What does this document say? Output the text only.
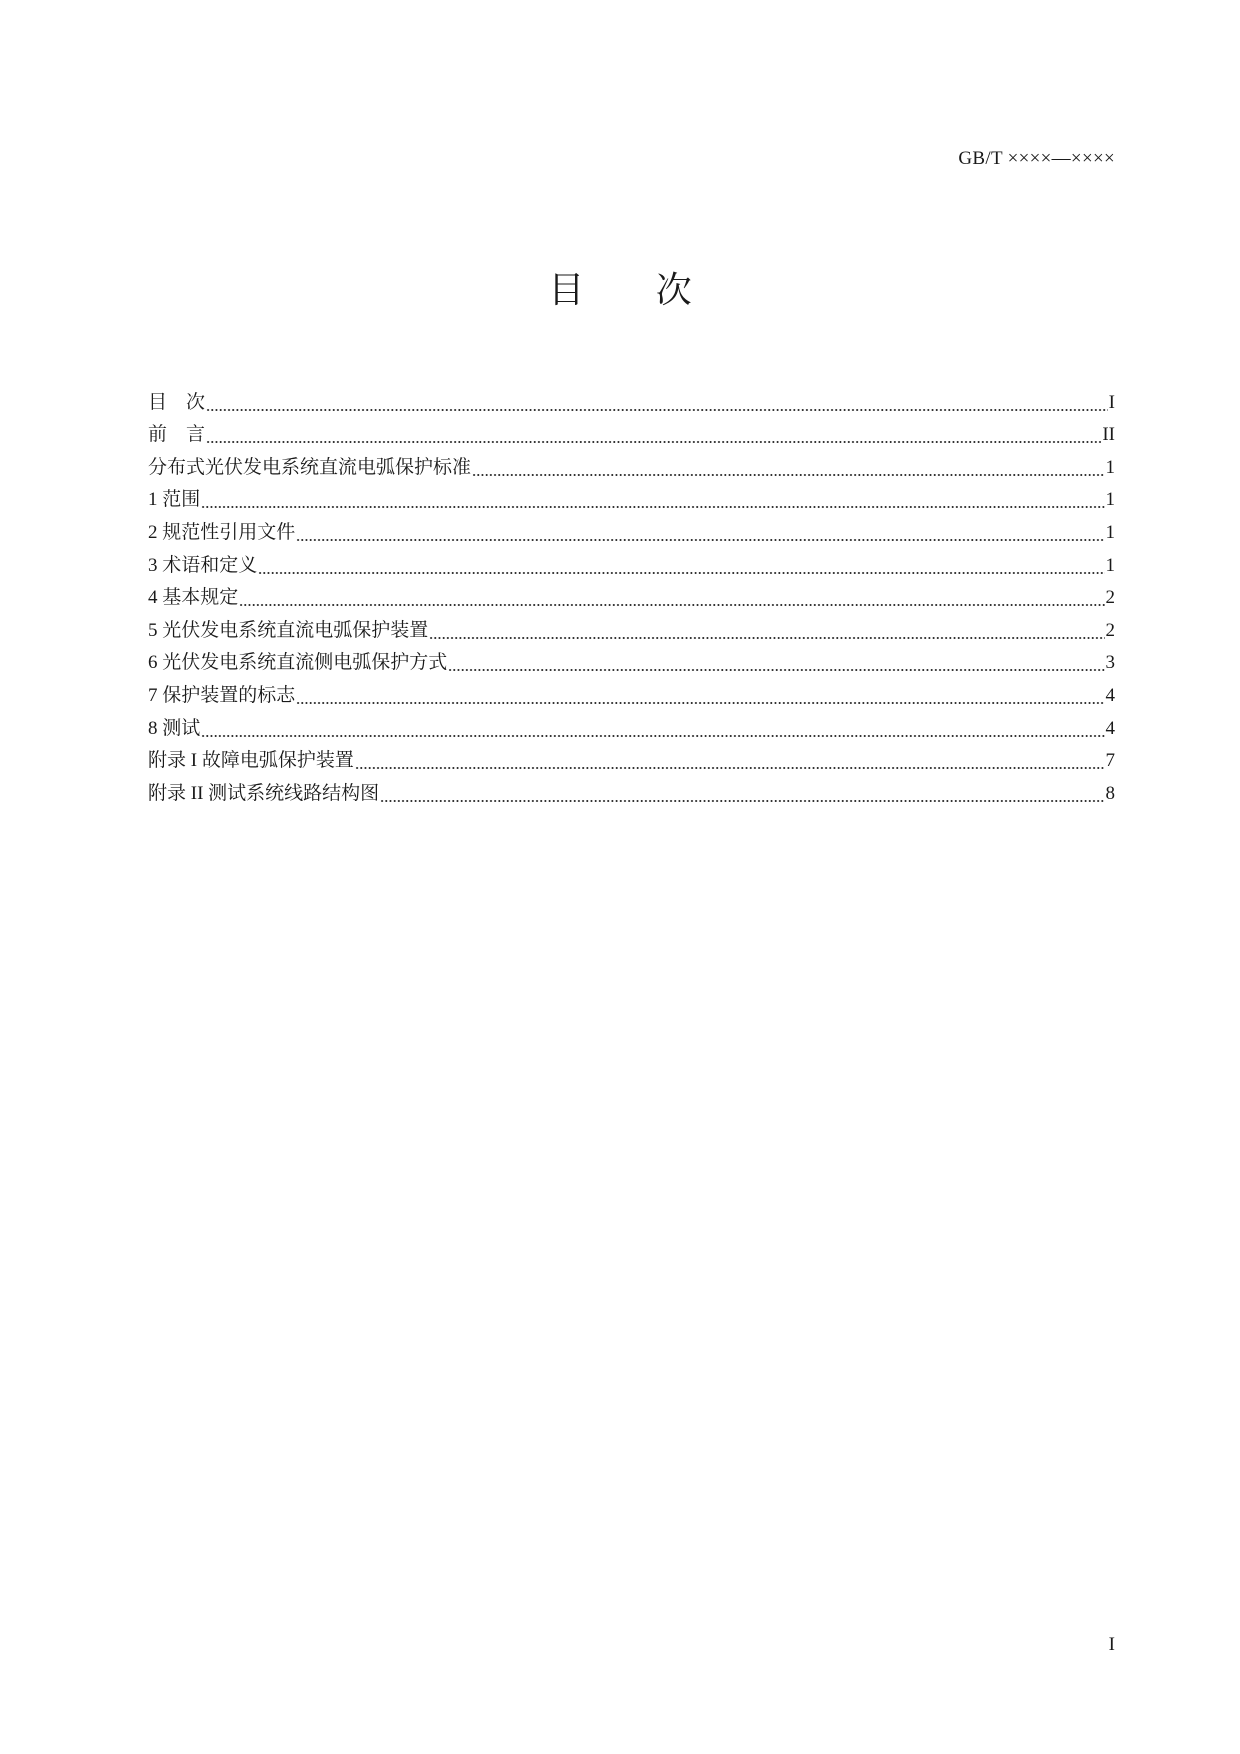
GB/T ××××—××××
目 次
目　次	I
前　言	II
分布式光伏发电系统直流电弧保护标准	1
1 范围	1
2 规范性引用文件	1
3 术语和定义	1
4 基本规定	2
5 光伏发电系统直流电弧保护装置	2
6 光伏发电系统直流侧电弧保护方式	3
7 保护装置的标志	4
8 测试	4
附录 I 故障电弧保护装置	7
附录 II 测试系统线路结构图	8
I
